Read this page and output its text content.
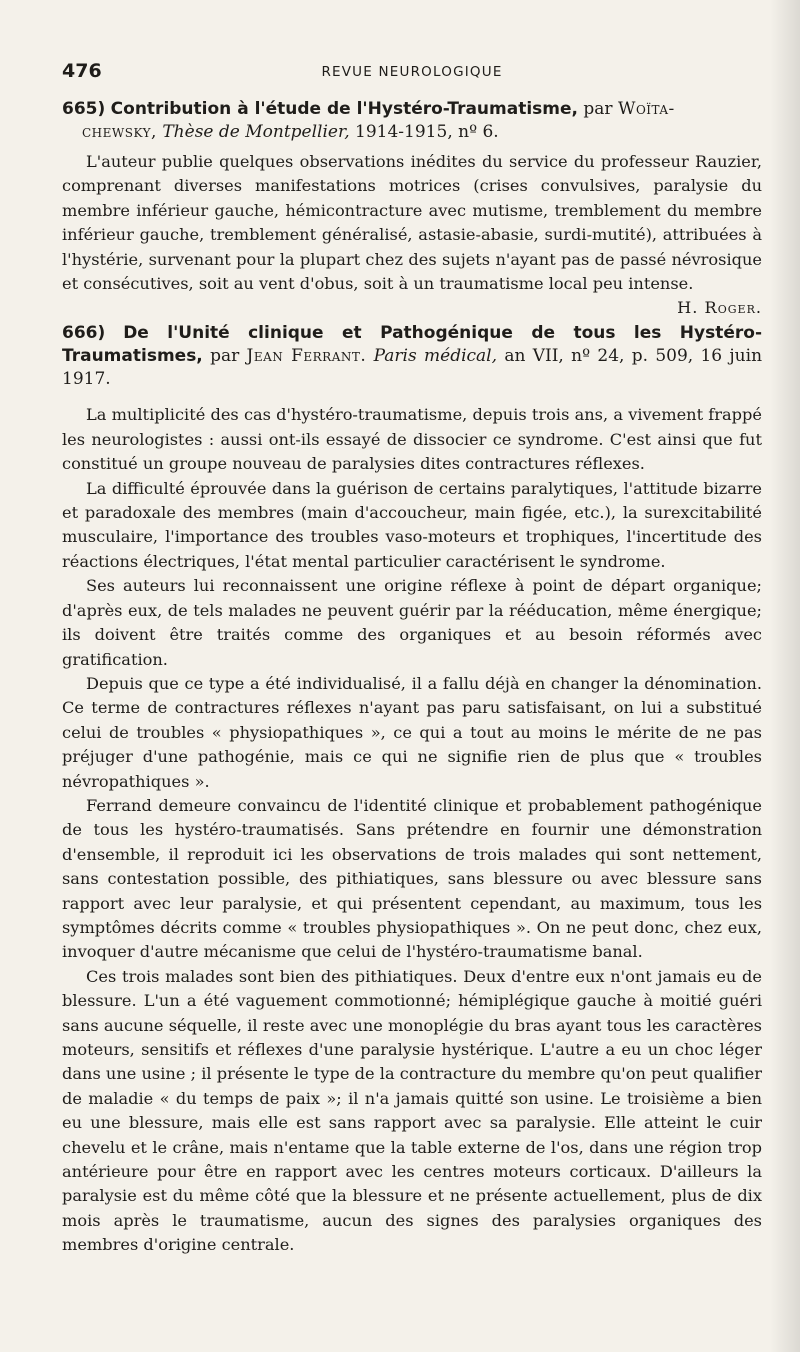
476	REVUE NEUROLOGIQUE

665) Contribution à l'étude de l'Hystéro-Traumatisme, par Woïta-
chewsky, Thèse de Montpellier, 1914-1915, nº 6.

L'auteur publie quelques observations inédites du service du professeur Rauzier, comprenant diverses manifestations motrices (crises convulsives, paralysie du membre inférieur gauche, hémicontracture avec mutisme, tremblement du membre inférieur gauche, tremblement généralisé, astasie-abasie, surdi-mutité), attribuées à l'hystérie, survenant pour la plupart chez des sujets n'ayant pas de passé névrosique et consécutives, soit au vent d'obus, soit à un traumatisme local peu intense.
H. Roger.

666) De l'Unité clinique et Pathogénique de tous les Hystéro-Traumatismes, par Jean Ferrant. Paris médical, an VII, nº 24, p. 509, 16 juin 1917.

La multiplicité des cas d'hystéro-traumatisme, depuis trois ans, a vivement frappé les neurologistes : aussi ont-ils essayé de dissocier ce syndrome. C'est ainsi que fut constitué un groupe nouveau de paralysies dites contractures réflexes.

La difficulté éprouvée dans la guérison de certains paralytiques, l'attitude bizarre et paradoxale des membres (main d'accoucheur, main figée, etc.), la surexcitabilité musculaire, l'importance des troubles vaso-moteurs et trophiques, l'incertitude des réactions électriques, l'état mental particulier caractérisent le syndrome.

Ses auteurs lui reconnaissent une origine réflexe à point de départ organique; d'après eux, de tels malades ne peuvent guérir par la rééducation, même énergique; ils doivent être traités comme des organiques et au besoin réformés avec gratification.

Depuis que ce type a été individualisé, il a fallu déjà en changer la dénomination. Ce terme de contractures réflexes n'ayant pas paru satisfaisant, on lui a substitué celui de troubles « physiopathiques », ce qui a tout au moins le mérite de ne pas préjuger d'une pathogénie, mais ce qui ne signifie rien de plus que « troubles névropathiques ».

Ferrand demeure convaincu de l'identité clinique et probablement pathogénique de tous les hystéro-traumatisés. Sans prétendre en fournir une démonstration d'ensemble, il reproduit ici les observations de trois malades qui sont nettement, sans contestation possible, des pithiatiques, sans blessure ou avec blessure sans rapport avec leur paralysie, et qui présentent cependant, au maximum, tous les symptômes décrits comme « troubles physiopathiques ». On ne peut donc, chez eux, invoquer d'autre mécanisme que celui de l'hystéro-traumatisme banal.

Ces trois malades sont bien des pithiatiques. Deux d'entre eux n'ont jamais eu de blessure. L'un a été vaguement commotionné; hémiplégique gauche à moitié guéri sans aucune séquelle, il reste avec une monoplégie du bras ayant tous les caractères moteurs, sensitifs et réflexes d'une paralysie hystérique. L'autre a eu un choc léger dans une usine ; il présente le type de la contracture du membre qu'on peut qualifier de maladie « du temps de paix »; il n'a jamais quitté son usine. Le troisième a bien eu une blessure, mais elle est sans rapport avec sa paralysie. Elle atteint le cuir chevelu et le crâne, mais n'entame que la table externe de l'os, dans une région trop antérieure pour être en rapport avec les centres moteurs corticaux. D'ailleurs la paralysie est du même côté que la blessure et ne présente actuellement, plus de dix mois après le traumatisme, aucun des signes des paralysies organiques des membres d'origine centrale.
